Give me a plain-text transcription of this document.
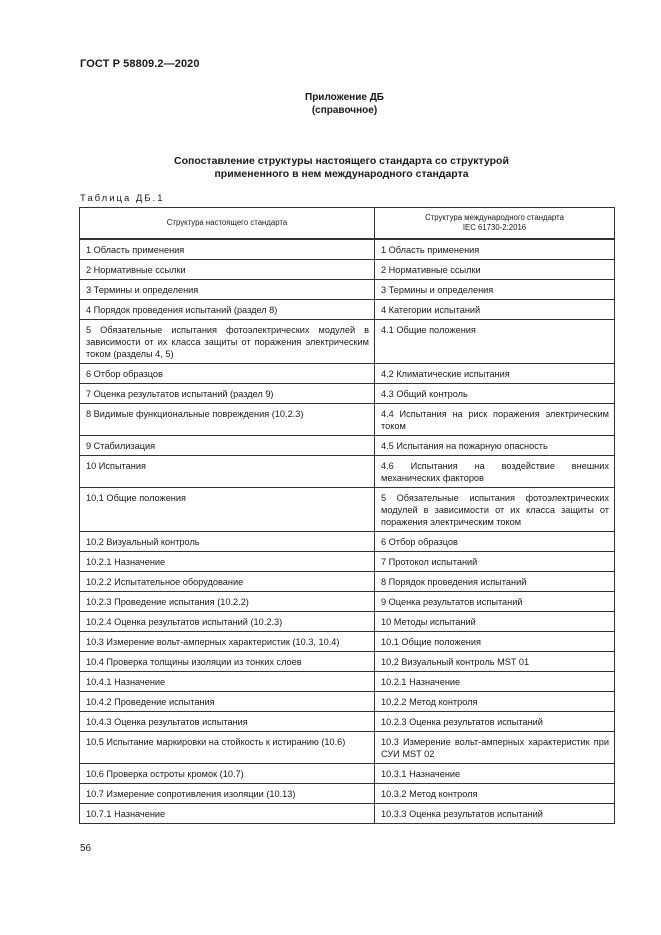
ГОСТ Р 58809.2—2020
Приложение ДБ
(справочное)
Сопоставление структуры настоящего стандарта со структурой
примененного в нем международного стандарта
Таблица ДБ.1
Структура настоящего стандарта	Структура международного стандарта
IEC 61730-2:2016

1 Область применения	1 Область применения
2 Нормативные ссылки	2 Нормативные ссылки
3 Термины и определения	3 Термины и определения
4 Порядок проведения испытаний (раздел 8)	4 Категории испытаний
5 Обязательные испытания фотоэлектрических модулей в зависимости от их класса защиты от поражения электрическим током (разделы 4, 5)	4.1 Общие положения
6 Отбор образцов	4.2 Климатические испытания
7 Оценка результатов испытаний (раздел 9)	4.3 Общий контроль
8 Видимые функциональные повреждения (10.2.3)	4.4 Испытания на риск поражения электрическим током
9 Стабилизация	4.5 Испытания на пожарную опасность
10 Испытания	4.6 Испытания на воздействие внешних механических факторов
10.1 Общие положения	5 Обязательные испытания фотоэлектрических модулей в зависимости от их класса защиты от поражения электрическим током
10.2 Визуальный контроль	6 Отбор образцов
10.2.1 Назначение	7 Протокол испытаний
10.2.2 Испытательное оборудование	8 Порядок проведения испытаний
10.2.3 Проведение испытания (10.2.2)	9 Оценка результатов испытаний
10.2.4 Оценка результатов испытаний (10.2.3)	10 Методы испытаний
10.3 Измерение вольт-амперных характеристик (10.3, 10.4)	10.1 Общие положения
10.4 Проверка толщины изоляции из тонких слоев	10.2 Визуальный контроль MST 01
10.4.1 Назначение	10.2.1 Назначение
10.4.2 Проведение испытания	10.2.2 Метод контроля
10.4.3 Оценка результатов испытания	10.2.3 Оценка результатов испытаний
10.5 Испытание маркировки на стойкость к истиранию (10.6)	10.3 Измерение вольт-амперных характеристик при СУИ MST 02
10.6 Проверка остроты кромок (10.7)	10.3.1 Назначение
10.7 Измерение сопротивления изоляции (10.13)	10.3.2 Метод контроля
10.7.1 Назначение	10.3.3 Оценка результатов испытаний
56
